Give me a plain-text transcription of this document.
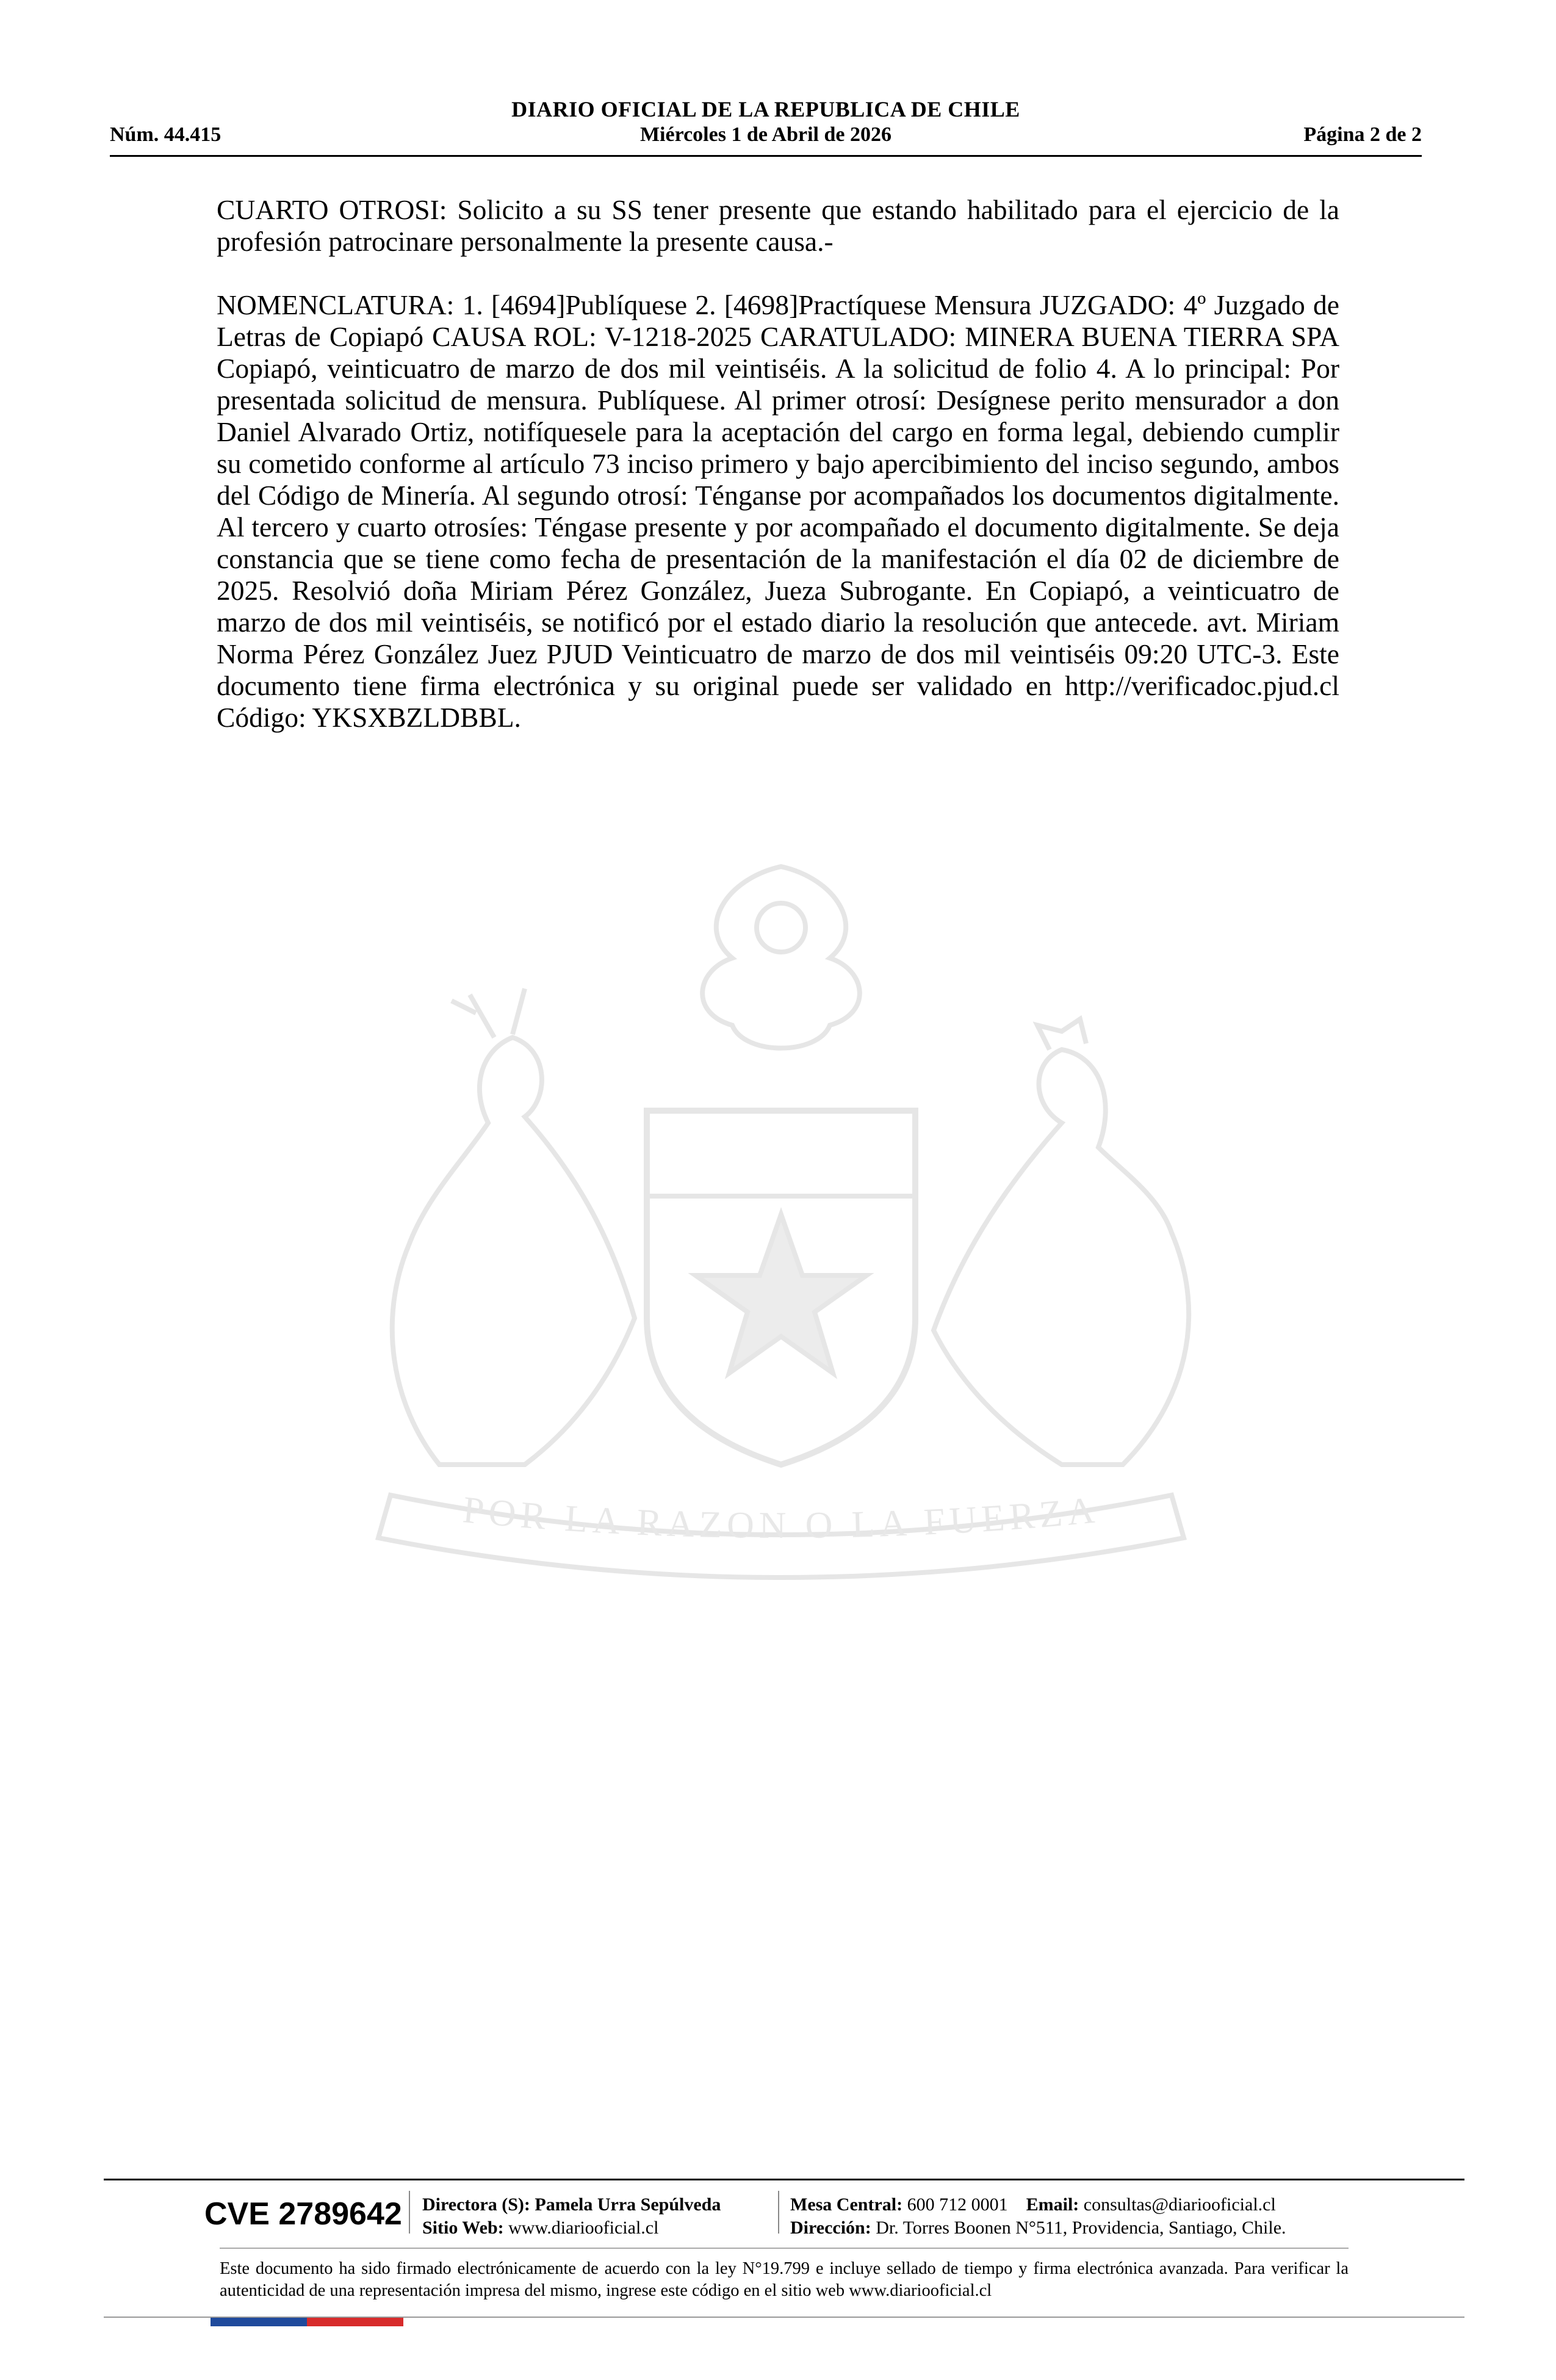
DIARIO OFICIAL DE LA REPUBLICA DE CHILE
Núm. 44.415	Miércoles 1 de Abril de 2026	Página 2 de 2

CUARTO OTROSI: Solicito a su SS tener presente que estando habilitado para el ejercicio de la profesión patrocinare personalmente la presente causa.-

NOMENCLATURA: 1. [4694]Publíquese 2. [4698]Practíquese Mensura JUZGADO: 4º Juzgado de Letras de Copiapó CAUSA ROL: V-1218-2025 CARATULADO: MINERA BUENA TIERRA SPA Copiapó, veinticuatro de marzo de dos mil veintiséis. A la solicitud de folio 4. A lo principal: Por presentada solicitud de mensura. Publíquese. Al primer otrosí: Desígnese perito mensurador a don Daniel Alvarado Ortiz, notifíquesele para la aceptación del cargo en forma legal, debiendo cumplir su cometido conforme al artículo 73 inciso primero y bajo apercibimiento del inciso segundo, ambos del Código de Minería. Al segundo otrosí: Ténganse por acompañados los documentos digitalmente. Al tercero y cuarto otrosíes: Téngase presente y por acompañado el documento digitalmente. Se deja constancia que se tiene como fecha de presentación de la manifestación el día 02 de diciembre de 2025. Resolvió doña Miriam Pérez González, Jueza Subrogante. En Copiapó, a veinticuatro de marzo de dos mil veintiséis, se notificó por el estado diario la resolución que antecede. avt. Miriam Norma Pérez González Juez PJUD Veinticuatro de marzo de dos mil veintiséis 09:20 UTC-3. Este documento tiene firma electrónica y su original puede ser validado en http://verificadoc.pjud.cl Código: YKSXBZLDBBL.

POR LA RAZON O LA FUERZA
CVE 2789642 Directora (S): Pamela Urra Sepúlveda
Sitio Web: www.diariooficial.cl
Mesa Central: 600 712 0001 Email: consultas@diariooficial.cl
Dirección: Dr. Torres Boonen N°511, Providencia, Santiago, Chile.
Este documento ha sido firmado electrónicamente de acuerdo con la ley N°19.799 e incluye sellado de tiempo y firma electrónica avanzada. Para verificar la autenticidad de una representación impresa del mismo, ingrese este código en el sitio web www.diariooficial.cl
